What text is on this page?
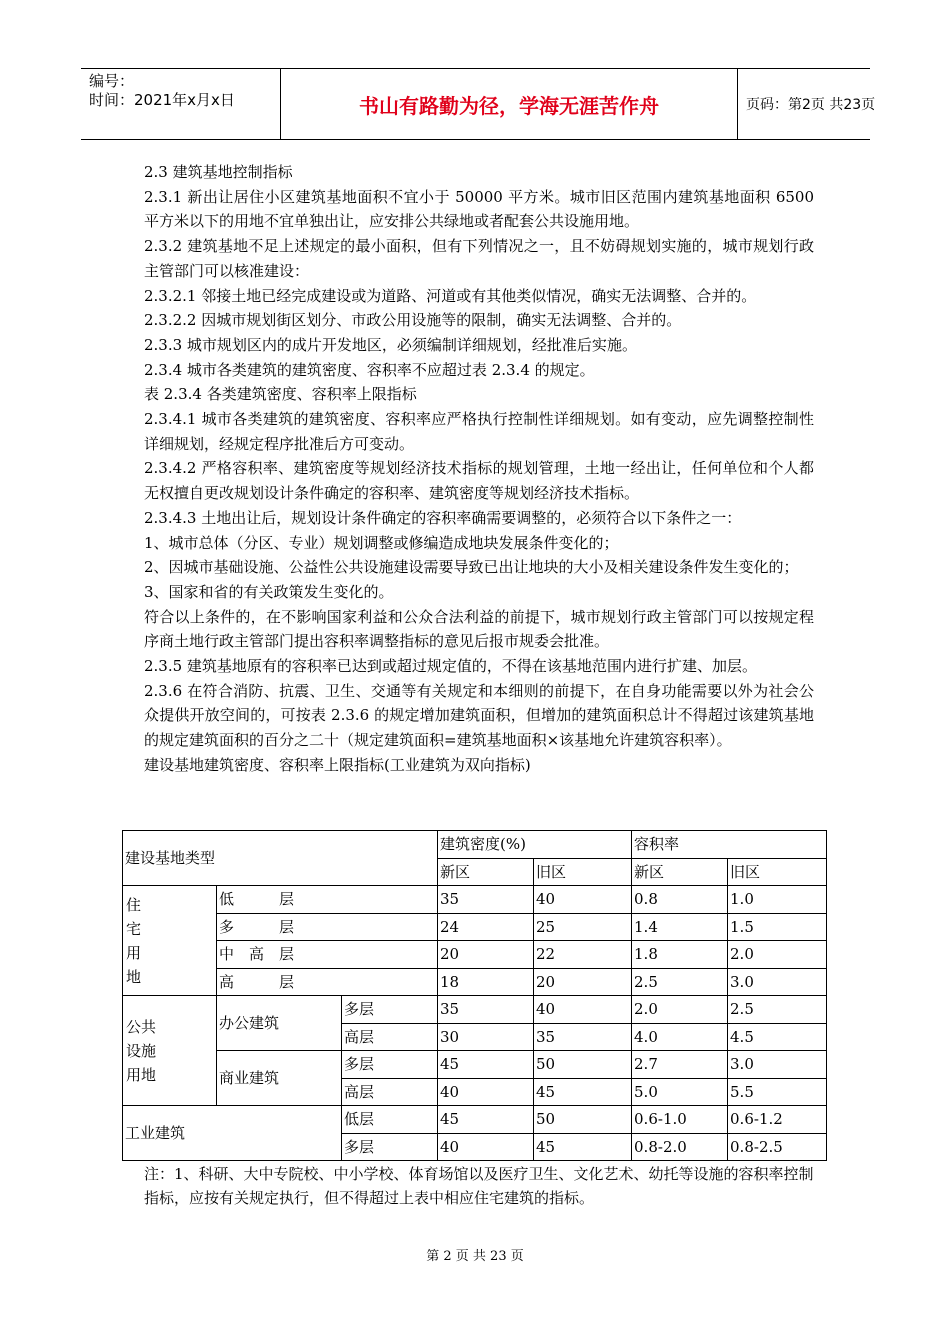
编号：
时间：2021年x月x日	书山有路勤为径，学海无涯苦作舟	页码：第2页 共23页

2.3 建筑基地控制指标

2.3.1 新出让居住小区建筑基地面积不宜小于 50000 平方米。城市旧区范围内建筑基地面积 6500 平方米以下的用地不宜单独出让，应安排公共绿地或者配套公共设施用地。

2.3.2 建筑基地不足上述规定的最小面积，但有下列情况之一，且不妨碍规划实施的，城市规划行政主管部门可以核准建设：

2.3.2.1 邻接土地已经完成建设或为道路、河道或有其他类似情况，确实无法调整、合并的。

2.3.2.2 因城市规划街区划分、市政公用设施等的限制，确实无法调整、合并的。

2.3.3 城市规划区内的成片开发地区，必须编制详细规划，经批准后实施。

2.3.4 城市各类建筑的建筑密度、容积率不应超过表 2.3.4 的规定。

表 2.3.4 各类建筑密度、容积率上限指标

2.3.4.1 城市各类建筑的建筑密度、容积率应严格执行控制性详细规划。如有变动，应先调整控制性详细规划，经规定程序批准后方可变动。

2.3.4.2 严格容积率、建筑密度等规划经济技术指标的规划管理，土地一经出让，任何单位和个人都无权擅自更改规划设计条件确定的容积率、建筑密度等规划经济技术指标。

2.3.4.3 土地出让后，规划设计条件确定的容积率确需要调整的，必须符合以下条件之一：

1、城市总体（分区、专业）规划调整或修编造成地块发展条件变化的；

2、因城市基础设施、公益性公共设施建设需要导致已出让地块的大小及相关建设条件发生变化的；

3、国家和省的有关政策发生变化的。

符合以上条件的，在不影响国家利益和公众合法利益的前提下，城市规划行政主管部门可以按规定程序商土地行政主管部门提出容积率调整指标的意见后报市规委会批准。

2.3.5 建筑基地原有的容积率已达到或超过规定值的，不得在该基地范围内进行扩建、加层。

2.3.6 在符合消防、抗震、卫生、交通等有关规定和本细则的前提下，在自身功能需要以外为社会公众提供开放空间的，可按表 2.3.6 的规定增加建筑面积，但增加的建筑面积总计不得超过该建筑基地的规定建筑面积的百分之二十（规定建筑面积=建筑基地面积×该基地允许建筑容积率）。

建设基地建筑密度、容积率上限指标(工业建筑为双向指标)

建设基地类型			建筑密度(%)		容积率	
			新区	旧区	新区	旧区

住宅用地	低　　　层		35	40	0.8	1.0
	多　　　层		24	25	1.4	1.5
	中　高　层		20	22	1.8	2.0
	高　　　层		18	20	2.5	3.0

公共设施用地	办公建筑	多层	35	40	2.0	2.5
		高层	30	35	4.0	4.5
	商业建筑	多层	45	50	2.7	3.0
		高层	40	45	5.0	5.5
工业建筑		低层	45	50	0.6-1.0	0.6-1.2
		多层	40	45	0.8-2.0	0.8-2.5

注：1、科研、大中专院校、中小学校、体育场馆以及医疗卫生、文化艺术、幼托等设施的容积率控制指标，应按有关规定执行，但不得超过上表中相应住宅建筑的指标。

第 2 页 共 23 页
